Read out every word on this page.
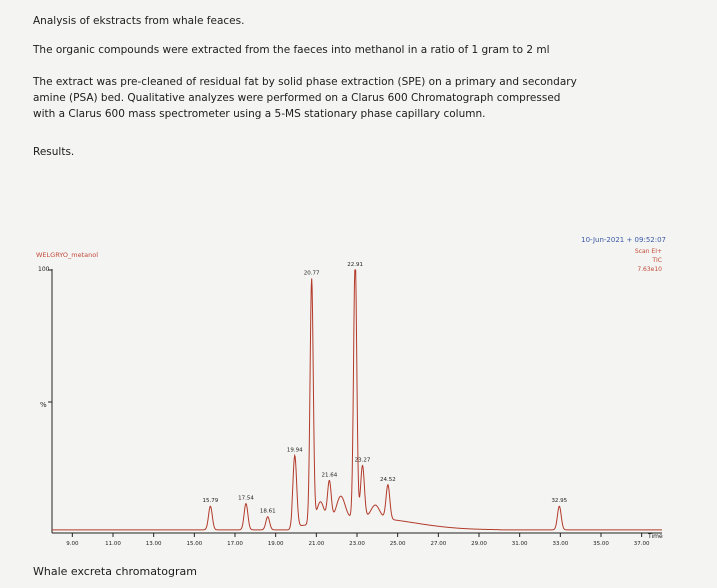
Analysis of ekstracts from whale feaces.
The organic compounds were extracted from the faeces into methanol in a ratio of 1 gram to 2 ml
The extract was pre-cleaned of residual fat by solid phase extraction (SPE) on a primary and secondary
amine (PSA) bed. Qualitative analyzes were performed on a Clarus 600 Chromatograph compressed
with a Clarus 600 mass spectrometer using a 5-MS stationary phase capillary column.
Results.
WELGRYO_metanol
10-Jun-2021 + 09:52:07
Scan EI+
TIC
7.63e10
100
%
Time
9.00	11.00	13.00	15.00	17.00	19.00	21.00	23.00	25.00	27.00	29.00	31.00	33.00	35.00	37.00
15.79	17.54
18.61
19.94
20.77
21.64
22.91
23.27
24.52
32.95
Whale excreta chromatogram
